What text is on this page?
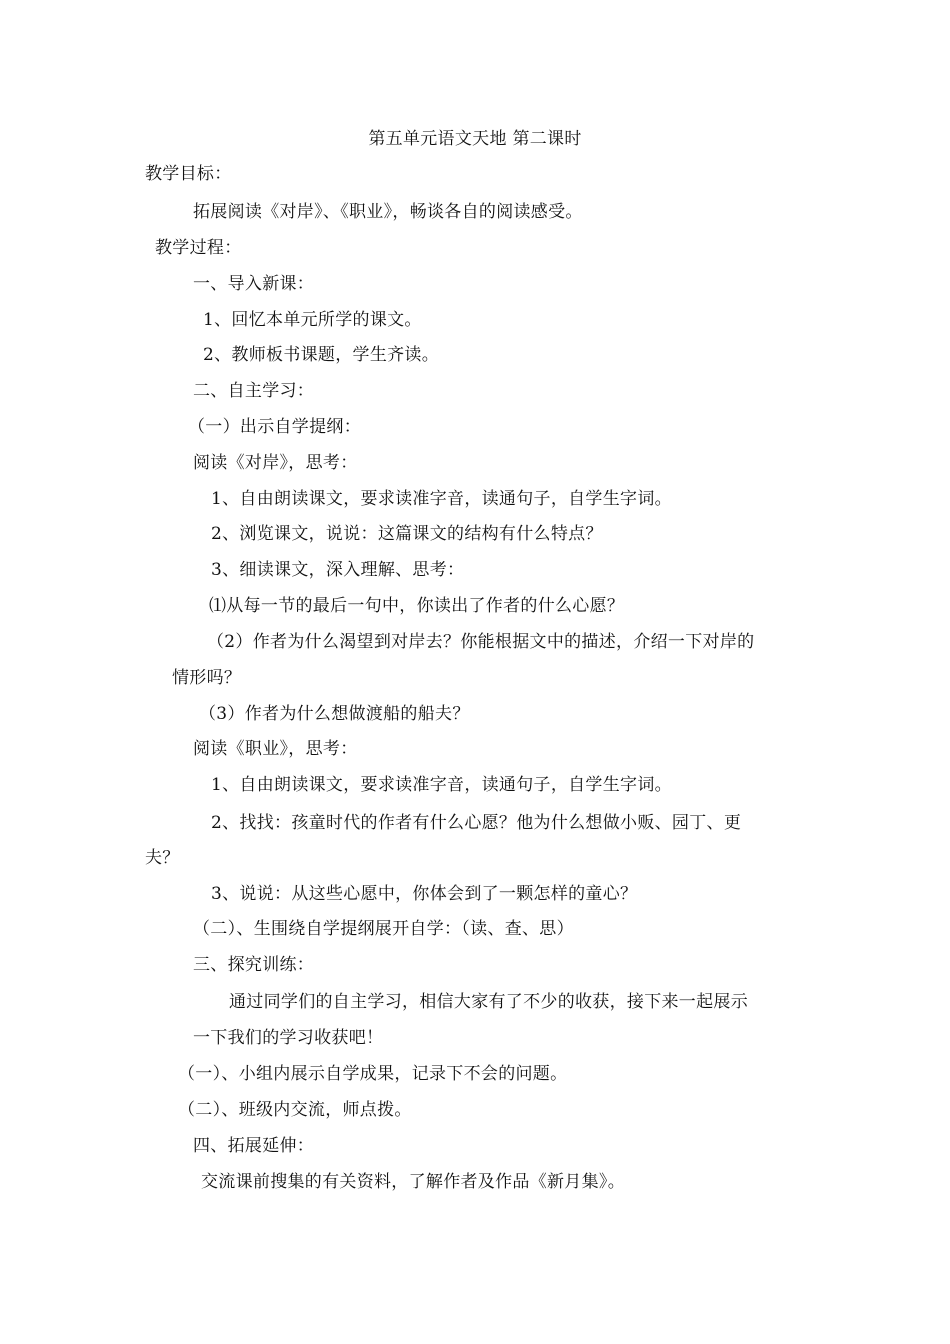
第五单元语文天地 第二课时
教学目标：
拓展阅读《对岸》、《职业》，畅谈各自的阅读感受。
教学过程：
一、导入新课：
1、回忆本单元所学的课文。
2、教师板书课题，学生齐读。
二、自主学习：
（一）出示自学提纲：
阅读《对岸》，思考：
1、自由朗读课文，要求读准字音，读通句子，自学生字词。
2、浏览课文，说说：这篇课文的结构有什么特点？
3、细读课文，深入理解、思考：
⑴从每一节的最后一句中，你读出了作者的什么心愿？
（2）作者为什么渴望到对岸去？你能根据文中的描述，介绍一下对岸的
情形吗？
（3）作者为什么想做渡船的船夫？
阅读《职业》，思考：
1、自由朗读课文，要求读准字音，读通句子，自学生字词。
2、找找：孩童时代的作者有什么心愿？他为什么想做小贩、园丁、更
夫？
3、说说：从这些心愿中，你体会到了一颗怎样的童心？
（二）、生围绕自学提纲展开自学：（读、查、思）
三、探究训练：
通过同学们的自主学习，相信大家有了不少的收获，接下来一起展示
一下我们的学习收获吧！
（一）、小组内展示自学成果，记录下不会的问题。
（二）、班级内交流，师点拨。
四、拓展延伸：
交流课前搜集的有关资料，了解作者及作品《新月集》。
